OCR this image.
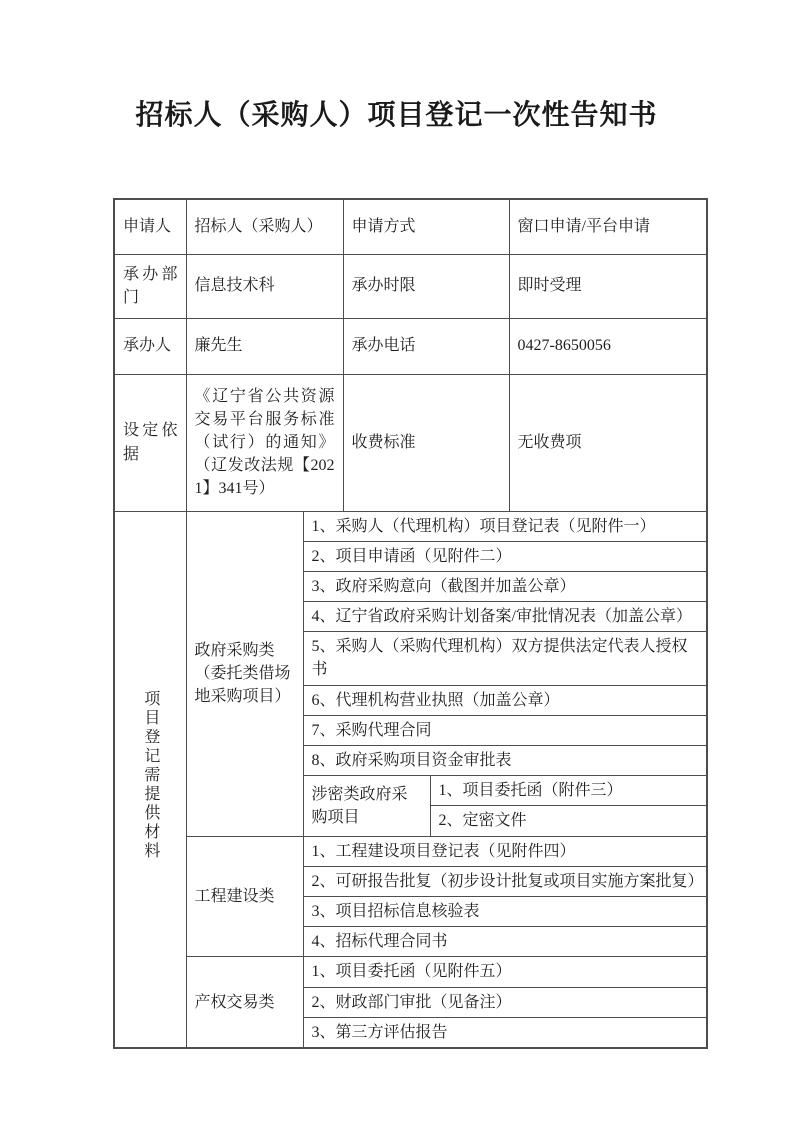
招标人（采购人）项目登记一次性告知书
申请人	招标人（采购人）		申请方式		窗口申请/平台申请
承办部门	信息技术科		承办时限		即时受理
承办人	廉先生		承办电话		0427-8650056
设定依据	《辽宁省公共资源交易平台服务标准（试行）的通知》（辽发改法规【2021】341号）		收费标准		无收费项
项目登记需提供材料	政府采购类（委托类借场地采购项目）	1、采购人（代理机构）项目登记表（见附件一）			
		2、项目申请函（见附件二）			
		3、政府采购意向（截图并加盖公章）			
		4、辽宁省政府采购计划备案/审批情况表（加盖公章）			
		5、采购人（采购代理机构）双方提供法定代表人授权书			
		6、代理机构营业执照（加盖公章）			
		7、采购代理合同			
		8、政府采购项目资金审批表			
		涉密类政府采购项目		1、项目委托函（附件三）	
				2、定密文件	
	工程建设类	1、工程建设项目登记表（见附件四）			
		2、可研报告批复（初步设计批复或项目实施方案批复）			
		3、项目招标信息核验表			
		4、招标代理合同书			
	产权交易类	1、项目委托函（见附件五）			
		2、财政部门审批（见备注）			
		3、第三方评估报告			
